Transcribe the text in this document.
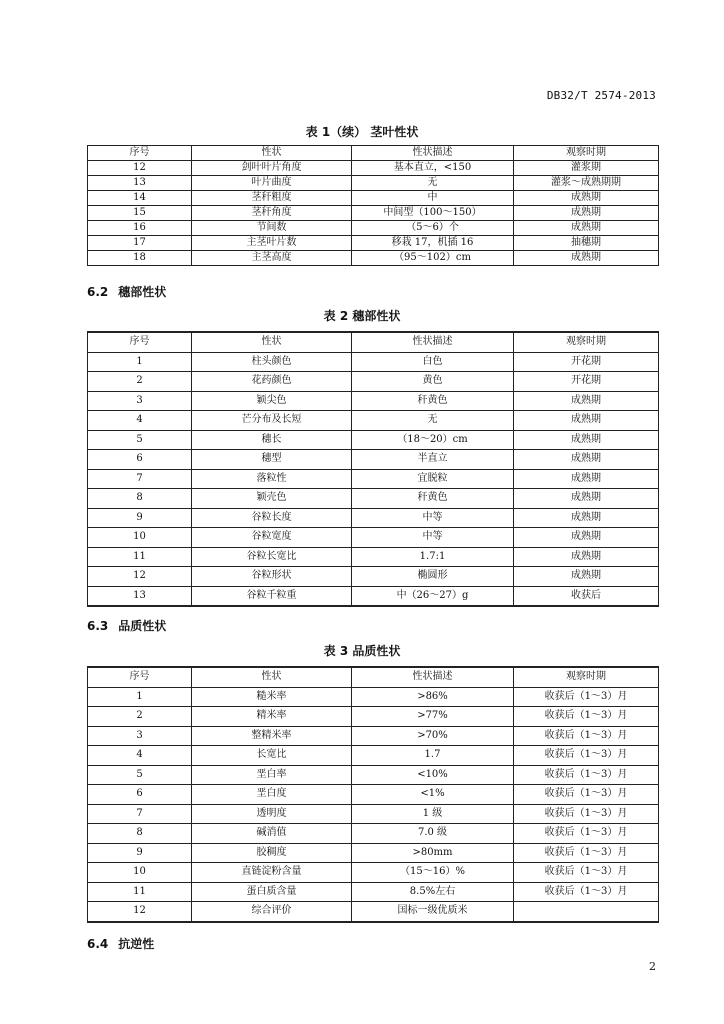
DB32/T 2574-2013
表 1（续） 茎叶性状
序号	性状	性状描述	观察时期
12	剑叶叶片角度	基本直立，<150	灌浆期
13	叶片曲度	无	灌浆～成熟期期
14	茎秆粗度	中	成熟期
15	茎秆角度	中间型（100～150）	成熟期
16	节间数	（5～6）个	成熟期
17	主茎叶片数	移栽 17，机插 16	抽穗期
18	主茎高度	（95～102）cm	成熟期
6.2 穗部性状
表 2 穗部性状
序号	性状	性状描述	观察时期
1	柱头颜色	白色	开花期
2	花药颜色	黄色	开花期
3	颖尖色	秆黄色	成熟期
4	芒分布及长短	无	成熟期
5	穗长	（18～20）cm	成熟期
6	穗型	半直立	成熟期
7	落粒性	宜脱粒	成熟期
8	颖壳色	秆黄色	成熟期
9	谷粒长度	中等	成熟期
10	谷粒宽度	中等	成熟期
11	谷粒长宽比	1.7:1	成熟期
12	谷粒形状	椭圆形	成熟期
13	谷粒千粒重	中（26～27）g	收获后
6.3 品质性状
表 3 品质性状
序号	性状	性状描述	观察时期
1	糙米率	>86%	收获后（1～3）月
2	精米率	>77%	收获后（1～3）月
3	整精米率	>70%	收获后（1～3）月
4	长宽比	1.7	收获后（1～3）月
5	垩白率	<10%	收获后（1～3）月
6	垩白度	<1%	收获后（1～3）月
7	透明度	1 级	收获后（1～3）月
8	碱消值	7.0 级	收获后（1～3）月
9	胶稠度	>80mm	收获后（1～3）月
10	直链淀粉含量	（15～16）%	收获后（1～3）月
11	蛋白质含量	8.5%左右	收获后（1～3）月
12	综合评价	国标一级优质米	
6.4 抗逆性
2
